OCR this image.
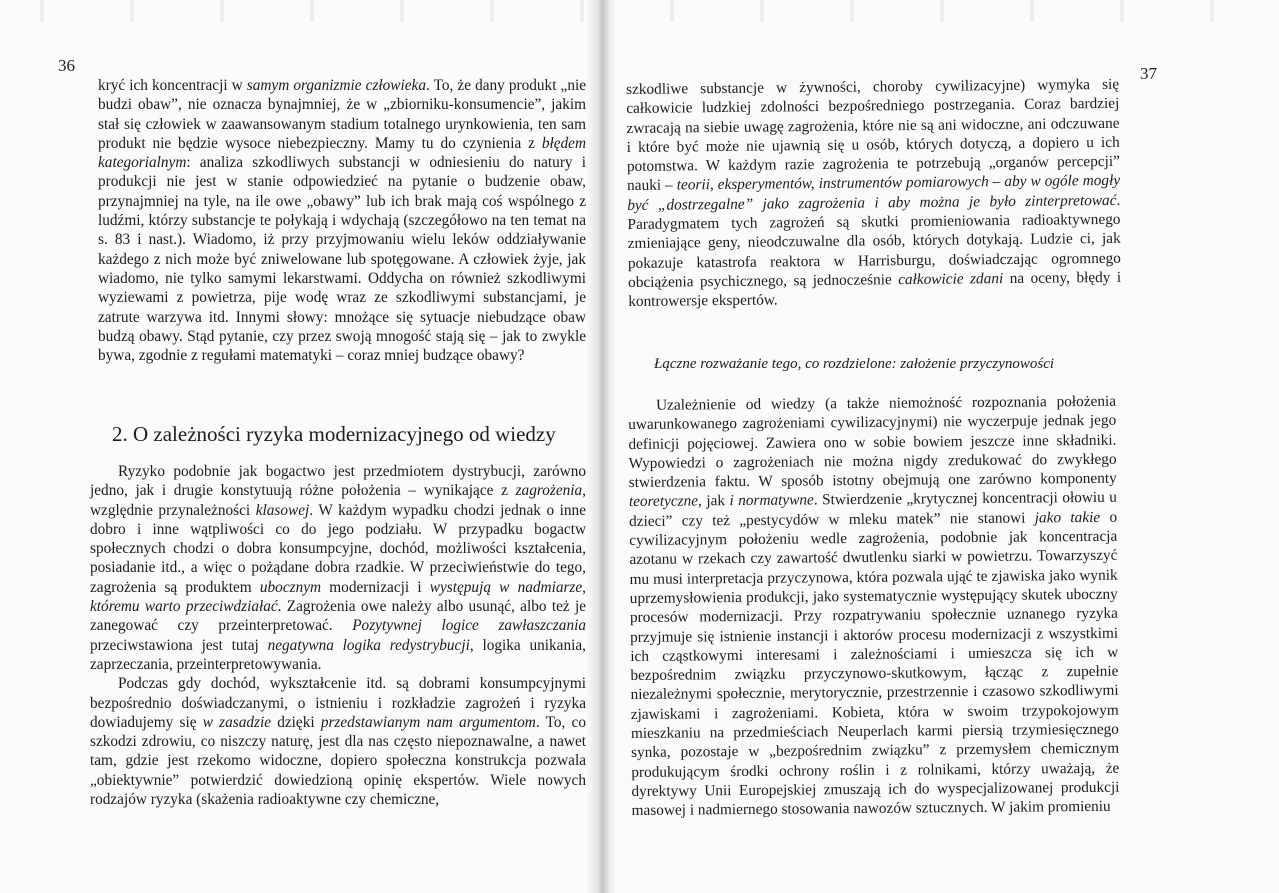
36

kryć ich koncentracji w samym organizmie człowieka. To, że dany produkt „nie budzi obaw”, nie oznacza bynajmniej, że w „zbiorniku-konsumencie”, jakim stał się człowiek w zaawansowanym stadium totalnego urynkowienia, ten sam produkt nie będzie wysoce niebezpieczny. Mamy tu do czynienia z błędem kategorialnym: analiza szkodliwych substancji w odniesieniu do natury i produkcji nie jest w stanie odpowiedzieć na pytanie o budzenie obaw, przynajmniej na tyle, na ile owe „obawy” lub ich brak mają coś wspólnego z ludźmi, którzy substancje te połykają i wdychają (szczegółowo na ten temat na s. 83 i nast.). Wiadomo, iż przy przyjmowaniu wielu leków oddziaływanie każdego z nich może być zniwelowane lub spotęgowane. A człowiek żyje, jak wiadomo, nie tylko samymi lekarstwami. Oddycha on również szkodliwymi wyziewami z powietrza, pije wodę wraz ze szkodliwymi substancjami, je zatrute warzywa itd. Innymi słowy: mnożące się sytuacje niebudzące obaw budzą obawy. Stąd pytanie, czy przez swoją mnogość stają się – jak to zwykle bywa, zgodnie z regułami matematyki – coraz mniej budzące obawy?

2. O zależności ryzyka modernizacyjnego od wiedzy

Ryzyko podobnie jak bogactwo jest przedmiotem dystrybucji, zarówno jedno, jak i drugie konstytuują różne położenia – wynikające z zagrożenia, względnie przynależności klasowej. W każdym wypadku chodzi jednak o inne dobro i inne wątpliwości co do jego podziału. W przypadku bogactw społecznych chodzi o dobra konsumpcyjne, dochód, możliwości kształcenia, posiadanie itd., a więc o pożądane dobra rzadkie. W przeciwieństwie do tego, zagrożenia są produktem ubocznym modernizacji i występują w nadmiarze, któremu warto przeciwdziałać. Zagrożenia owe należy albo usunąć, albo też je zanegować czy przeinterpretować. Pozytywnej logice zawłaszczania przeciwstawiona jest tutaj negatywna logika redystrybucji, logika unikania, zaprzeczania, przeinterpretowywania.

Podczas gdy dochód, wykształcenie itd. są dobrami konsumpcyjnymi bezpośrednio doświadczanymi, o istnieniu i rozkładzie zagrożeń i ryzyka dowiadujemy się w zasadzie dzięki przedstawianym nam argumentom. To, co szkodzi zdrowiu, co niszczy naturę, jest dla nas często niepoznawalne, a nawet tam, gdzie jest rzekomo widoczne, dopiero społeczna konstrukcja pozwala „obiektywnie” potwierdzić dowiedzioną opinię ekspertów. Wiele nowych rodzajów ryzyka (skażenia radioaktywne czy chemiczne,

37

szkodliwe substancje w żywności, choroby cywilizacyjne) wymyka się całkowicie ludzkiej zdolności bezpośredniego postrzegania. Coraz bardziej zwracają na siebie uwagę zagrożenia, które nie są ani widoczne, ani odczuwane i które być może nie ujawnią się u osób, których dotyczą, a dopiero u ich potomstwa. W każdym razie zagrożenia te potrzebują „organów percepcji” nauki – teorii, eksperymentów, instrumentów pomiarowych – aby w ogóle mogły być „dostrzegalne” jako zagrożenia i aby można je było zinterpretować. Paradygmatem tych zagrożeń są skutki promieniowania radioaktywnego zmieniające geny, nieodczuwalne dla osób, których dotykają. Ludzie ci, jak pokazuje katastrofa reaktora w Harrisburgu, doświadczając ogromnego obciążenia psychicznego, są jednocześnie całkowicie zdani na oceny, błędy i kontrowersje ekspertów.

Łączne rozważanie tego, co rozdzielone: założenie przyczynowości

Uzależnienie od wiedzy (a także niemożność rozpoznania położenia uwarunkowanego zagrożeniami cywilizacyjnymi) nie wyczerpuje jednak jego definicji pojęciowej. Zawiera ono w sobie bowiem jeszcze inne składniki. Wypowiedzi o zagrożeniach nie można nigdy zredukować do zwykłego stwierdzenia faktu. W sposób istotny obejmują one zarówno komponenty teoretyczne, jak i normatywne. Stwierdzenie „krytycznej koncentracji ołowiu u dzieci” czy też „pestycydów w mleku matek” nie stanowi jako takie o cywilizacyjnym położeniu wedle zagrożenia, podobnie jak koncentracja azotanu w rzekach czy zawartość dwutlenku siarki w powietrzu. Towarzyszyć mu musi interpretacja przyczynowa, która pozwala ująć te zjawiska jako wynik uprzemysłowienia produkcji, jako systematycznie występujący skutek uboczny procesów modernizacji. Przy rozpatrywaniu społecznie uznanego ryzyka przyjmuje się istnienie instancji i aktorów procesu modernizacji z wszystkimi ich cząstkowymi interesami i zależnościami i umieszcza się ich w bezpośrednim związku przyczynowo-skutkowym, łącząc z zupełnie niezależnymi społecznie, merytorycznie, przestrzennie i czasowo szkodliwymi zjawiskami i zagrożeniami. Kobieta, która w swoim trzypokojowym mieszkaniu na przedmieściach Neuperlach karmi piersią trzymiesięcznego synka, pozostaje w „bezpośrednim związku” z przemysłem chemicznym produkującym środki ochrony roślin i z rolnikami, którzy uważają, że dyrektywy Unii Europejskiej zmuszają ich do wyspecjalizowanej produkcji masowej i nadmiernego stosowania nawozów sztucznych. W jakim promieniu
